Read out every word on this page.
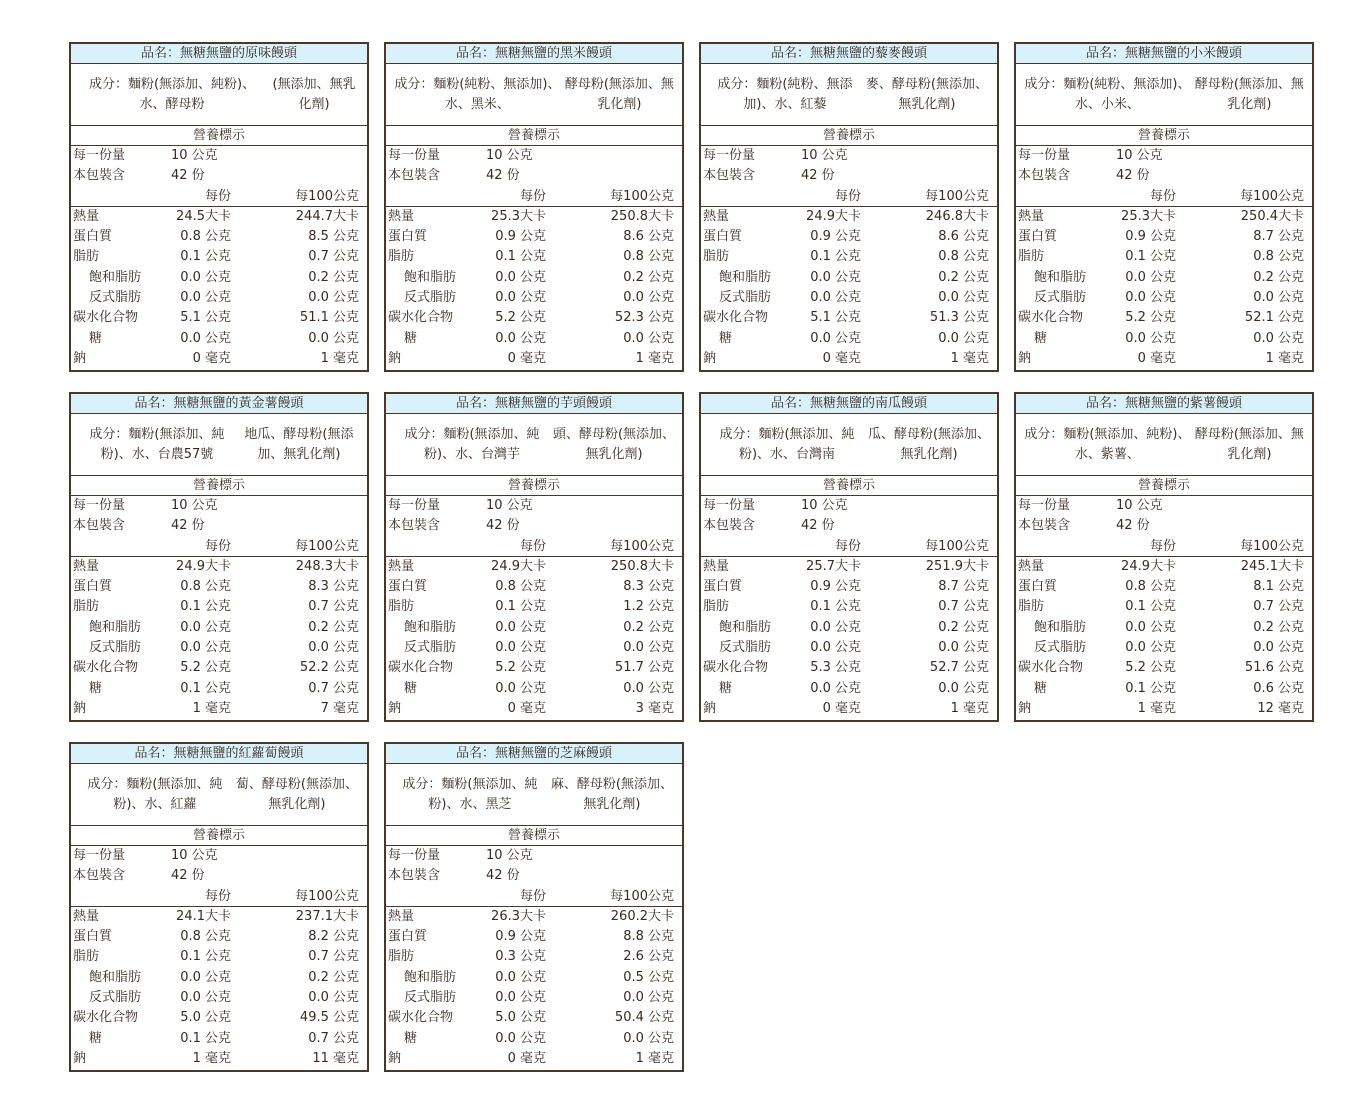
品名：無糖無鹽的原味饅頭
成分：麵粉(無添加、純粉)、水、酵母粉
(無添加、無乳化劑)
營養標示
每一份量	10 公克
本包裝含	42 份
每份	每100公克
熱量	24.5大卡	244.7大卡
蛋白質	0.8 公克	8.5 公克
脂肪	0.1 公克	0.7 公克
飽和脂肪	0.0 公克	0.2 公克
反式脂肪	0.0 公克	0.0 公克
碳水化合物	5.1 公克	51.1 公克
糖	0.0 公克	0.0 公克
鈉	0 毫克	1 毫克
品名：無糖無鹽的黑米饅頭
成分：麵粉(純粉、無添加)、水、黑米、
酵母粉(無添加、無乳化劑)
營養標示
每一份量	10 公克
本包裝含	42 份
每份	每100公克
熱量	25.3大卡	250.8大卡
蛋白質	0.9 公克	8.6 公克
脂肪	0.1 公克	0.8 公克
飽和脂肪	0.0 公克	0.2 公克
反式脂肪	0.0 公克	0.0 公克
碳水化合物	5.2 公克	52.3 公克
糖	0.0 公克	0.0 公克
鈉	0 毫克	1 毫克
品名：無糖無鹽的藜麥饅頭
成分：麵粉(純粉、無添加)、水、紅藜
麥、酵母粉(無添加、無乳化劑)
營養標示
每一份量	10 公克
本包裝含	42 份
每份	每100公克
熱量	24.9大卡	246.8大卡
蛋白質	0.9 公克	8.6 公克
脂肪	0.1 公克	0.8 公克
飽和脂肪	0.0 公克	0.2 公克
反式脂肪	0.0 公克	0.0 公克
碳水化合物	5.1 公克	51.3 公克
糖	0.0 公克	0.0 公克
鈉	0 毫克	1 毫克
品名：無糖無鹽的小米饅頭
成分：麵粉(純粉、無添加)、水、小米、
酵母粉(無添加、無乳化劑)
營養標示
每一份量	10 公克
本包裝含	42 份
每份	每100公克
熱量	25.3大卡	250.4大卡
蛋白質	0.9 公克	8.7 公克
脂肪	0.1 公克	0.8 公克
飽和脂肪	0.0 公克	0.2 公克
反式脂肪	0.0 公克	0.0 公克
碳水化合物	5.2 公克	52.1 公克
糖	0.0 公克	0.0 公克
鈉	0 毫克	1 毫克
品名：無糖無鹽的黃金薯饅頭
成分：麵粉(無添加、純粉)、水、台農57號
地瓜、酵母粉(無添加、無乳化劑)
營養標示
每一份量	10 公克
本包裝含	42 份
每份	每100公克
熱量	24.9大卡	248.3大卡
蛋白質	0.8 公克	8.3 公克
脂肪	0.1 公克	0.7 公克
飽和脂肪	0.0 公克	0.2 公克
反式脂肪	0.0 公克	0.0 公克
碳水化合物	5.2 公克	52.2 公克
糖	0.1 公克	0.7 公克
鈉	1 毫克	7 毫克
品名：無糖無鹽的芋頭饅頭
成分：麵粉(無添加、純粉)、水、台灣芋
頭、酵母粉(無添加、無乳化劑)
營養標示
每一份量	10 公克
本包裝含	42 份
每份	每100公克
熱量	24.9大卡	250.8大卡
蛋白質	0.8 公克	8.3 公克
脂肪	0.1 公克	1.2 公克
飽和脂肪	0.0 公克	0.2 公克
反式脂肪	0.0 公克	0.0 公克
碳水化合物	5.2 公克	51.7 公克
糖	0.0 公克	0.0 公克
鈉	0 毫克	3 毫克
品名：無糖無鹽的南瓜饅頭
成分：麵粉(無添加、純粉)、水、台灣南
瓜、酵母粉(無添加、無乳化劑)
營養標示
每一份量	10 公克
本包裝含	42 份
每份	每100公克
熱量	25.7大卡	251.9大卡
蛋白質	0.9 公克	8.7 公克
脂肪	0.1 公克	0.7 公克
飽和脂肪	0.0 公克	0.2 公克
反式脂肪	0.0 公克	0.0 公克
碳水化合物	5.3 公克	52.7 公克
糖	0.0 公克	0.0 公克
鈉	0 毫克	1 毫克
品名：無糖無鹽的紫薯饅頭
成分：麵粉(無添加、純粉)、水、紫薯、
酵母粉(無添加、無乳化劑)
營養標示
每一份量	10 公克
本包裝含	42 份
每份	每100公克
熱量	24.9大卡	245.1大卡
蛋白質	0.8 公克	8.1 公克
脂肪	0.1 公克	0.7 公克
飽和脂肪	0.0 公克	0.2 公克
反式脂肪	0.0 公克	0.0 公克
碳水化合物	5.2 公克	51.6 公克
糖	0.1 公克	0.6 公克
鈉	1 毫克	12 毫克
品名：無糖無鹽的紅蘿蔔饅頭
成分：麵粉(無添加、純粉)、水、紅蘿
蔔、酵母粉(無添加、無乳化劑)
營養標示
每一份量	10 公克
本包裝含	42 份
每份	每100公克
熱量	24.1大卡	237.1大卡
蛋白質	0.8 公克	8.2 公克
脂肪	0.1 公克	0.7 公克
飽和脂肪	0.0 公克	0.2 公克
反式脂肪	0.0 公克	0.0 公克
碳水化合物	5.0 公克	49.5 公克
糖	0.1 公克	0.7 公克
鈉	1 毫克	11 毫克
品名：無糖無鹽的芝麻饅頭
成分：麵粉(無添加、純粉)、水、黑芝
麻、酵母粉(無添加、無乳化劑)
營養標示
每一份量	10 公克
本包裝含	42 份
每份	每100公克
熱量	26.3大卡	260.2大卡
蛋白質	0.9 公克	8.8 公克
脂肪	0.3 公克	2.6 公克
飽和脂肪	0.0 公克	0.5 公克
反式脂肪	0.0 公克	0.0 公克
碳水化合物	5.0 公克	50.4 公克
糖	0.0 公克	0.0 公克
鈉	0 毫克	1 毫克
